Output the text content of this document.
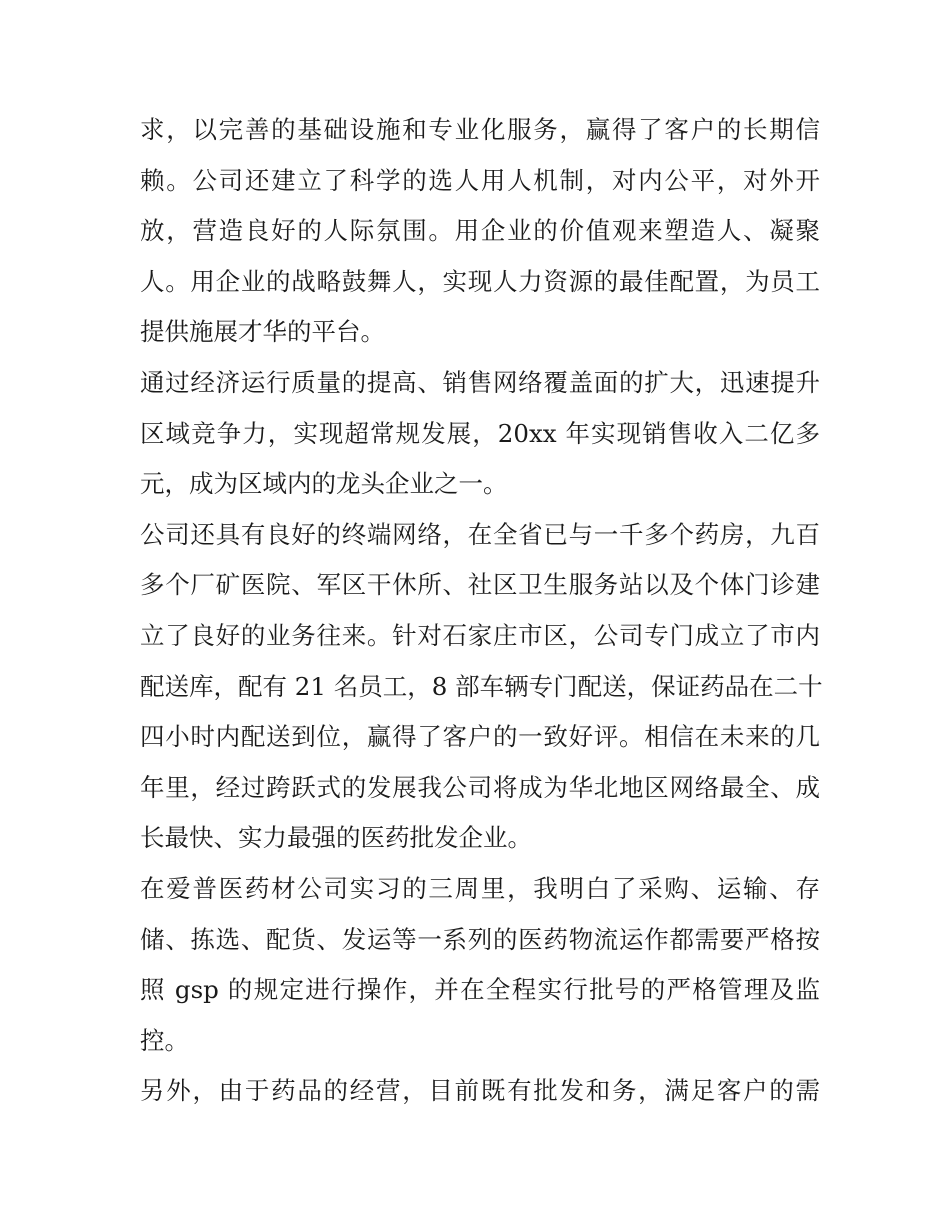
求，以完善的基础设施和专业化服务，赢得了客户的长期信
赖。公司还建立了科学的选人用人机制，对内公平，对外开
放，营造良好的人际氛围。用企业的价值观来塑造人、凝聚
人。用企业的战略鼓舞人，实现人力资源的最佳配置，为员工
提供施展才华的平台。
通过经济运行质量的提高、销售网络覆盖面的扩大，迅速提升
区域竞争力，实现超常规发展，20xx 年实现销售收入二亿多
元，成为区域内的龙头企业之一。
公司还具有良好的终端网络，在全省已与一千多个药房，九百
多个厂矿医院、军区干休所、社区卫生服务站以及个体门诊建
立了良好的业务往来。针对石家庄市区，公司专门成立了市内
配送库，配有 21 名员工，8 部车辆专门配送，保证药品在二十
四小时内配送到位，赢得了客户的一致好评。相信在未来的几
年里，经过跨跃式的发展我公司将成为华北地区网络最全、成
长最快、实力最强的医药批发企业。
在爱普医药材公司实习的三周里，我明白了采购、运输、存
储、拣选、配货、发运等一系列的医药物流运作都需要严格按
照 gsp 的规定进行操作，并在全程实行批号的严格管理及监
控。
另外，由于药品的经营，目前既有批发和务，满足客户的需
